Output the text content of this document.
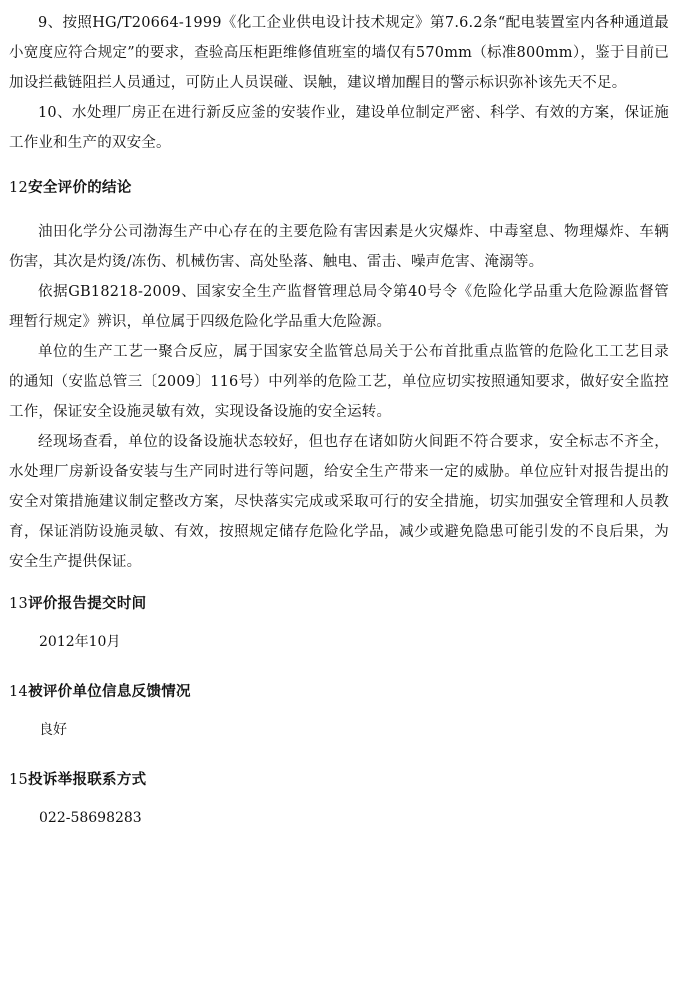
9、按照HG/T20664-1999《化工企业供电设计技术规定》第7.6.2条“配电装置室内各种通道最小宽度应符合规定”的要求，查验高压柜距维修值班室的墙仅有570mm（标准800mm），鉴于目前已加设拦截链阻拦人员通过，可防止人员误碰、误触，建议增加醒目的警示标识弥补该先天不足。

10、水处理厂房正在进行新反应釜的安装作业，建设单位制定严密、科学、有效的方案，保证施工作业和生产的双安全。

12安全评价的结论

油田化学分公司渤海生产中心存在的主要危险有害因素是火灾爆炸、中毒窒息、物理爆炸、车辆伤害，其次是灼烫/冻伤、机械伤害、高处坠落、触电、雷击、噪声危害、淹溺等。

依据GB18218-2009、国家安全生产监督管理总局令第40号令《危险化学品重大危险源监督管理暂行规定》辨识，单位属于四级危险化学品重大危险源。

单位的生产工艺一聚合反应，属于国家安全监管总局关于公布首批重点监管的危险化工工艺目录的通知（安监总管三〔2009〕116号）中列举的危险工艺，单位应切实按照通知要求，做好安全监控工作，保证安全设施灵敏有效，实现设备设施的安全运转。

经现场查看，单位的设备设施状态较好，但也存在诸如防火间距不符合要求，安全标志不齐全，水处理厂房新设备安装与生产同时进行等问题，给安全生产带来一定的威胁。单位应针对报告提出的安全对策措施建议制定整改方案，尽快落实完成或采取可行的安全措施，切实加强安全管理和人员教育，保证消防设施灵敏、有效，按照规定储存危险化学品，减少或避免隐患可能引发的不良后果，为安全生产提供保证。

13评价报告提交时间

2012年10月

14被评价单位信息反馈情况

良好

15投诉举报联系方式

022-58698283
